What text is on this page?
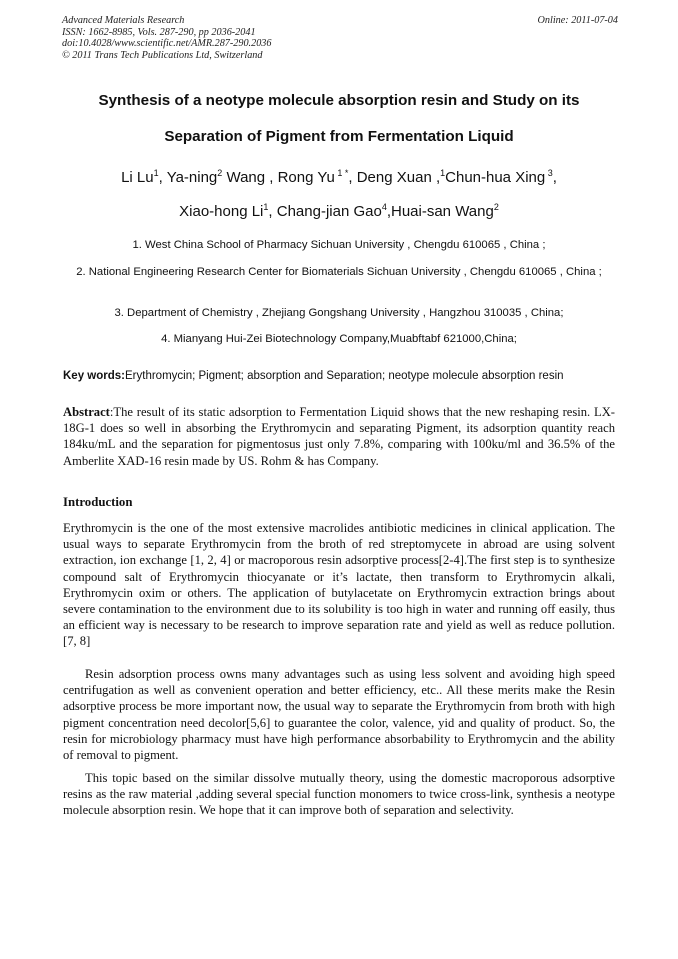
Advanced Materials Research
ISSN: 1662-8985, Vols. 287-290, pp 2036-2041
doi:10.4028/www.scientific.net/AMR.287-290.2036
© 2011 Trans Tech Publications Ltd, Switzerland
Online: 2011-07-04
Synthesis of a neotype molecule absorption resin and Study on its
Separation of Pigment from Fermentation Liquid
Li Lu$^1$, Ya-ning$^2$ Wang , Rong Yu $^{1 *}$, Deng Xuan ,$^1$Chun-hua Xing $^3$,
Xiao-hong Li$^1$, Chang-jian Gao$^4$,Huai-san Wang$^2$
1. West China School of Pharmacy Sichuan University , Chengdu 610065 , China ;
2. National Engineering Research Center for Biomaterials Sichuan University , Chengdu 610065 , China ;
3. Department of Chemistry , Zhejiang Gongshang University , Hangzhou 310035 , China;
4. Mianyang Hui-Zei Biotechnology Company,Muabftabf 621000,China;
Key words:Erythromycin; Pigment; absorption and Separation; neotype molecule absorption resin
Abstract:The result of its static adsorption to Fermentation Liquid shows that the new reshaping resin. LX-18G-1 does so well in absorbing the Erythromycin and separating Pigment, its adsorption quantity reach 184ku/mL and the separation for pigmentosus just only 7.8%, comparing with 100ku/ml and 36.5% of the Amberlite XAD-16 resin made by US. Rohm & has Company.
Introduction
Erythromycin is the one of the most extensive macrolides antibiotic medicines in clinical application. The usual ways to separate Erythromycin from the broth of red streptomycete in abroad are using solvent extraction, ion exchange [1, 2, 4] or macroporous resin adsorptive process[2-4].The first step is to synthesize compound salt of Erythromycin thiocyanate or it’s lactate, then transform to Erythromycin alkali, Erythromycin oxim or others. The application of butylacetate on Erythromycin extraction brings about severe contamination to the environment due to its solubility is too high in water and running off easily, thus an efficient way is necessary to be research to improve separation rate and yield as well as reduce pollution. [7, 8]
Resin adsorption process owns many advantages such as using less solvent and avoiding high speed centrifugation as well as convenient operation and better efficiency, etc.. All these merits make the Resin adsorptive process be more important now, the usual way to separate the Erythromycin from broth with high pigment concentration need decolor[5,6] to guarantee the color, valence, yid and quality of product. So, the resin for microbiology pharmacy must have high performance absorbability to Erythromycin and the ability of removal to pigment.
This topic based on the similar dissolve mutually theory, using the domestic macroporous adsorptive resins as the raw material ,adding several special function monomers to twice cross-link, synthesis a neotype molecule absorption resin. We hope that it can improve both of separation and selectivity.
